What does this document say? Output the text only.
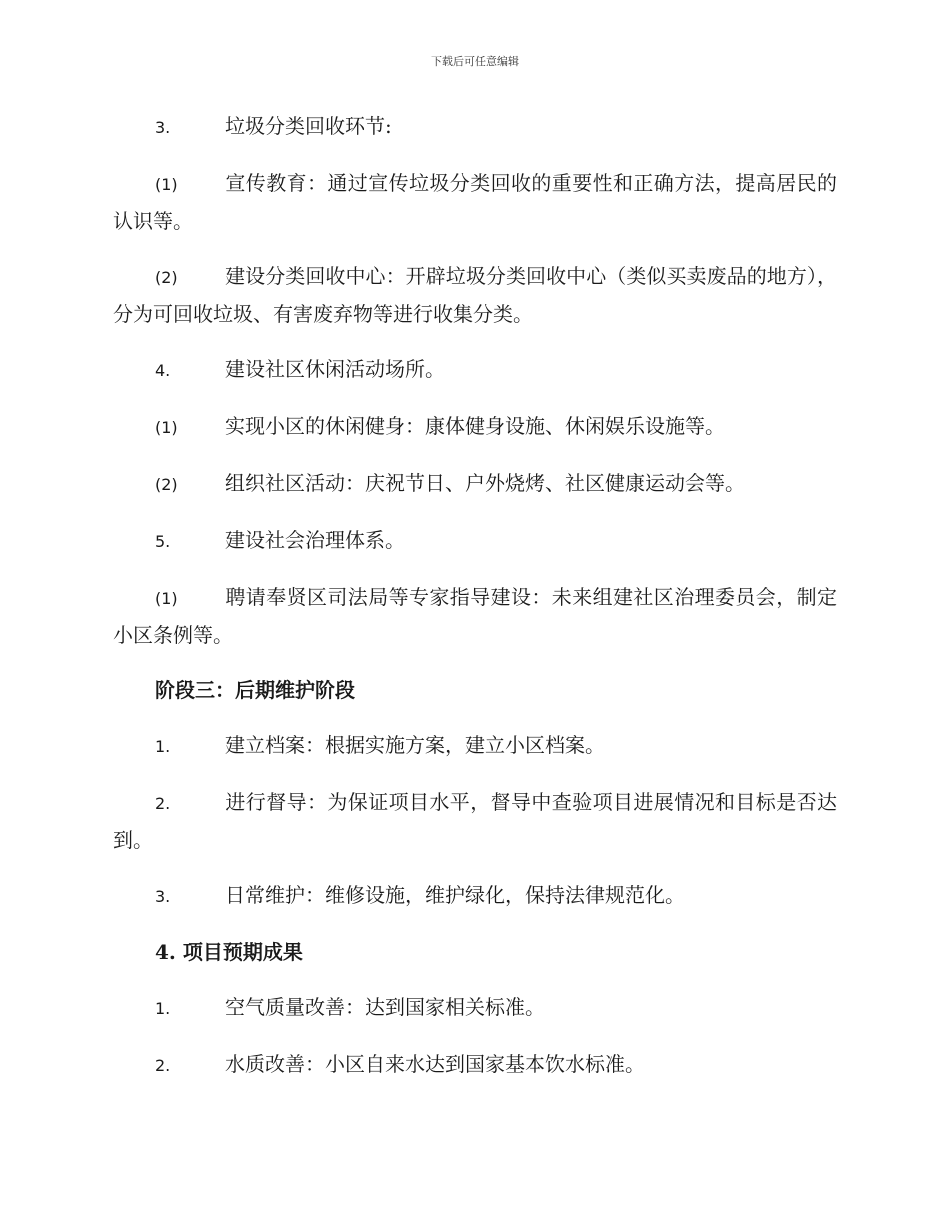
下载后可任意编辑

3.	垃圾分类回收环节:

(1) 宣传教育：通过宣传垃圾分类回收的重要性和正确方法，提高居民的认识等。

(2) 建设分类回收中心：开辟垃圾分类回收中心（类似买卖废品的地方），分为可回收垃圾、有害废弃物等进行收集分类。

4.	建设社区休闲活动场所。

(1) 实现小区的休闲健身：康体健身设施、休闲娱乐设施等。

(2) 组织社区活动：庆祝节日、户外烧烤、社区健康运动会等。

5.	建设社会治理体系。

(1) 聘请奉贤区司法局等专家指导建设：未来组建社区治理委员会，制定小区条例等。

阶段三：后期维护阶段

1.	建立档案：根据实施方案，建立小区档案。

2.	进行督导：为保证项目水平，督导中查验项目进展情况和目标是否达到。

3.	日常维护：维修设施，维护绿化，保持法律规范化。

4. 项目预期成果

1.	空气质量改善：达到国家相关标准。

2.	水质改善：小区自来水达到国家基本饮水标准。
